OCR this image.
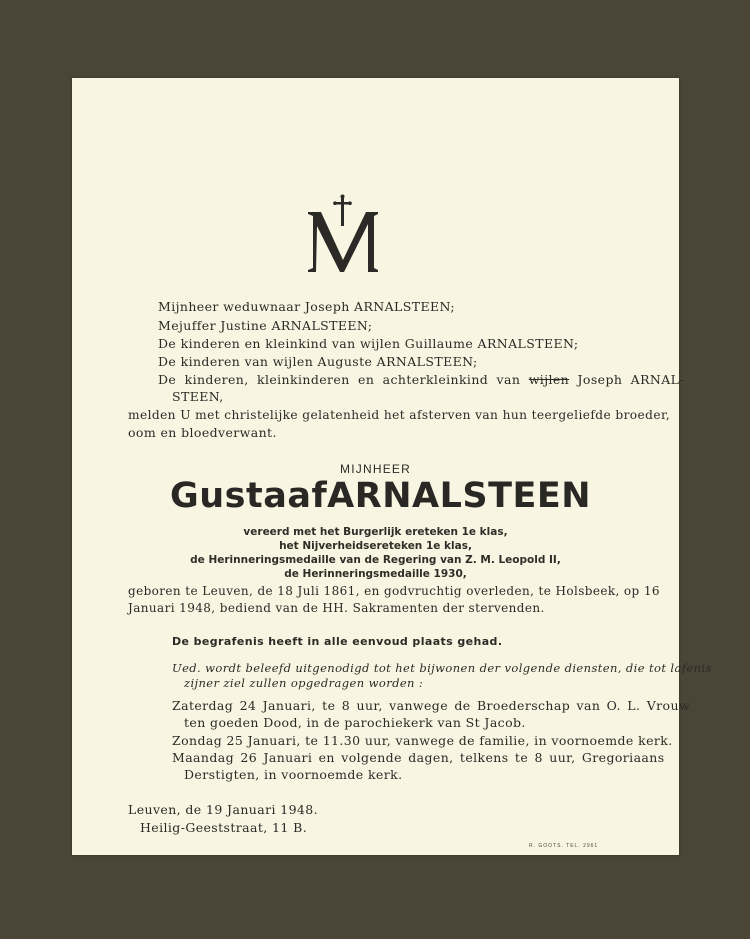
Mijnheer weduwnaar Joseph ARNALSTEEN;
Mejuffer Justine ARNALSTEEN;
De kinderen en kleinkind van wijlen Guillaume ARNALSTEEN;
De kinderen van wijlen Auguste ARNALSTEEN;
De kinderen, kleinkinderen en achterkleinkind van wijlen Joseph ARNAL-
STEEN,
melden U met christelijke gelatenheid het afsterven van hun teergeliefde broeder,
oom en bloedverwant.
MIJNHEER
Gustaaf ARNALSTEEN
vereerd met het Burgerlijk ereteken 1e klas,
het Nijverheidsereteken 1e klas,
de Herinneringsmedaille van de Regering van Z. M. Leopold II,
de Herinneringsmedaille 1930,
geboren te Leuven, de 18 Juli 1861, en godvruchtig overleden, te Holsbeek, op 16
Januari 1948, bediend van de HH. Sakramenten der stervenden.
De begrafenis heeft in alle eenvoud plaats gehad.
Ued. wordt beleefd uitgenodigd tot het bijwonen der volgende diensten, die tot lafenis
zijner ziel zullen opgedragen worden :
Zaterdag 24 Januari, te 8 uur, vanwege de Broederschap van O. L. Vrouw
ten goeden Dood, in de parochiekerk van St Jacob.
Zondag 25 Januari, te 11.30 uur, vanwege de familie, in voornoemde kerk.
Maandag 26 Januari en volgende dagen, telkens te 8 uur, Gregoriaans
Derstigten, in voornoemde kerk.
Leuven, de 19 Januari 1948.
Heilig-Geeststraat, 11 B.
R. GOOTS. TEL. 2961
